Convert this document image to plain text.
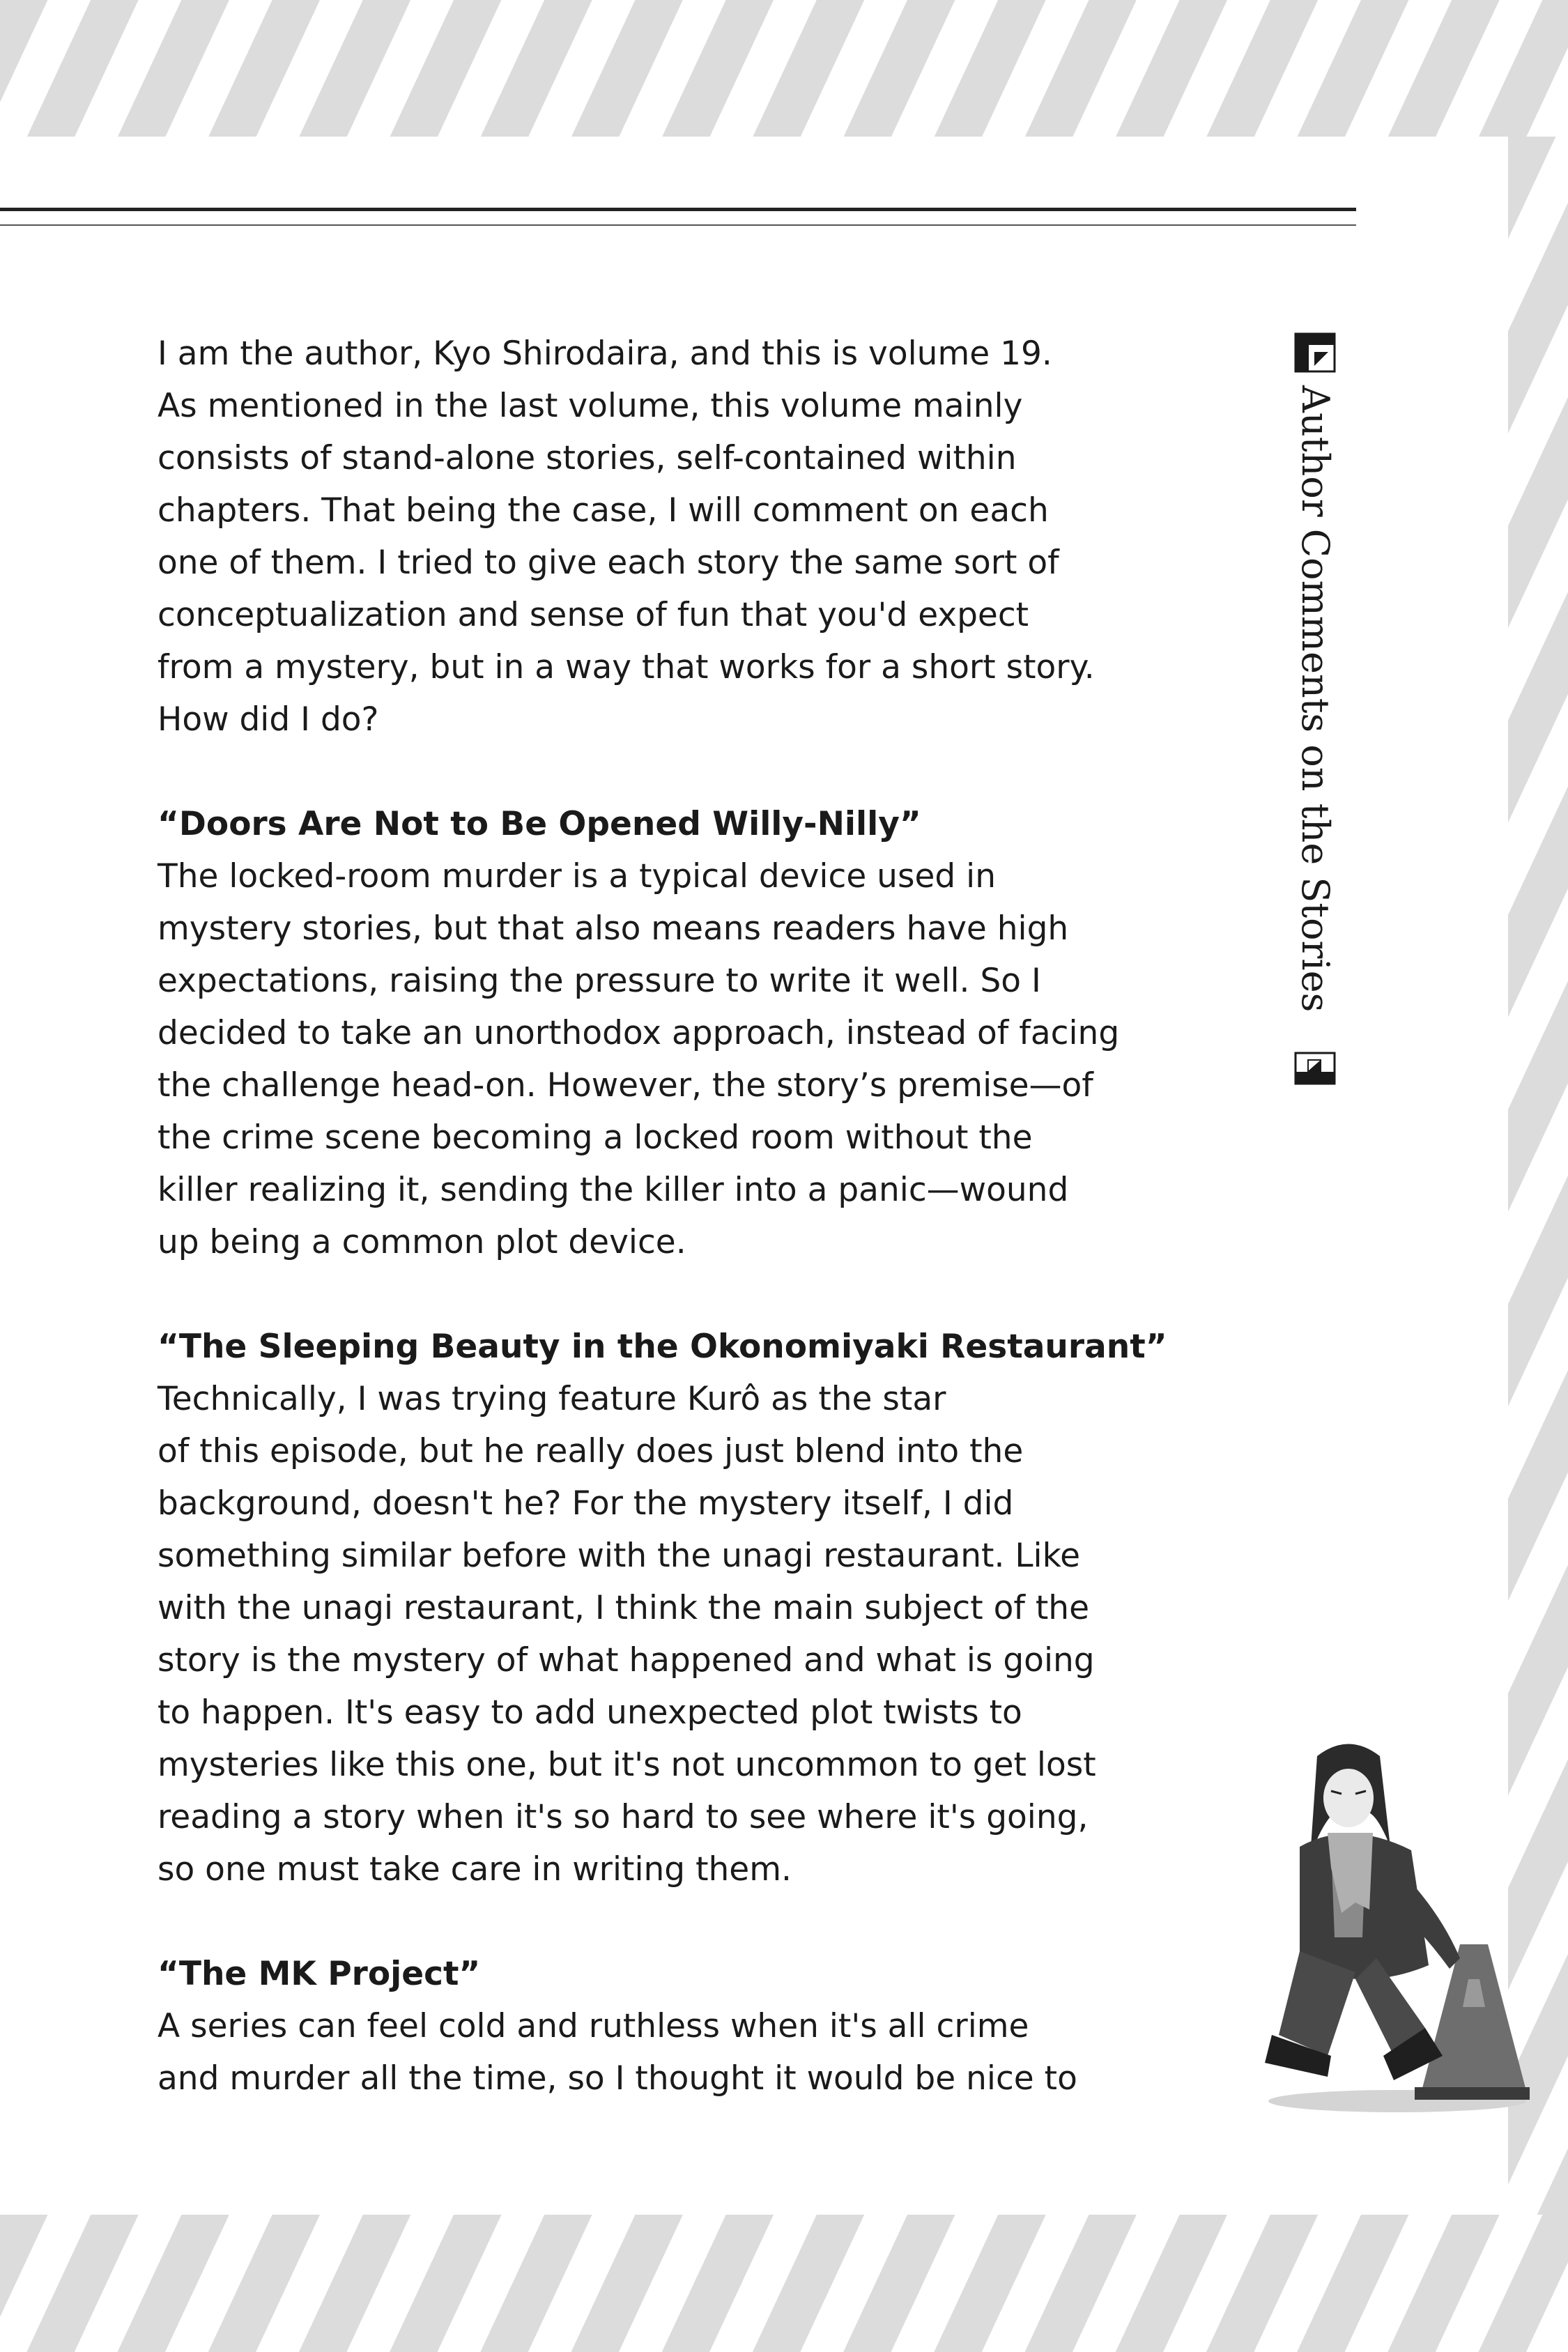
I am the author, Kyo Shirodaira, and this is volume 19.
As mentioned in the last volume, this volume mainly
consists of stand-alone stories, self-contained within
chapters. That being the case, I will comment on each
one of them. I tried to give each story the same sort of
conceptualization and sense of fun that you'd expect
from a mystery, but in a way that works for a short story.
How did I do?

“Doors Are Not to Be Opened Willy-Nilly”

The locked-room murder is a typical device used in
mystery stories, but that also means readers have high
expectations, raising the pressure to write it well. So I
decided to take an unorthodox approach, instead of facing
the challenge head-on. However, the story’s premise—of
the crime scene becoming a locked room without the
killer realizing it, sending the killer into a panic—wound
up being a common plot device.

“The Sleeping Beauty in the Okonomiyaki Restaurant”

Technically, I was trying feature Kurô as the star
of this episode, but he really does just blend into the
background, doesn't he? For the mystery itself, I did
something similar before with the unagi restaurant. Like
with the unagi restaurant, I think the main subject of the
story is the mystery of what happened and what is going
to happen. It's easy to add unexpected plot twists to
mysteries like this one, but it's not uncommon to get lost
reading a story when it's so hard to see where it's going,
so one must take care in writing them.

“The MK Project”

A series can feel cold and ruthless when it's all crime
and murder all the time, so I thought it would be nice to

Author Comments on the Stories
